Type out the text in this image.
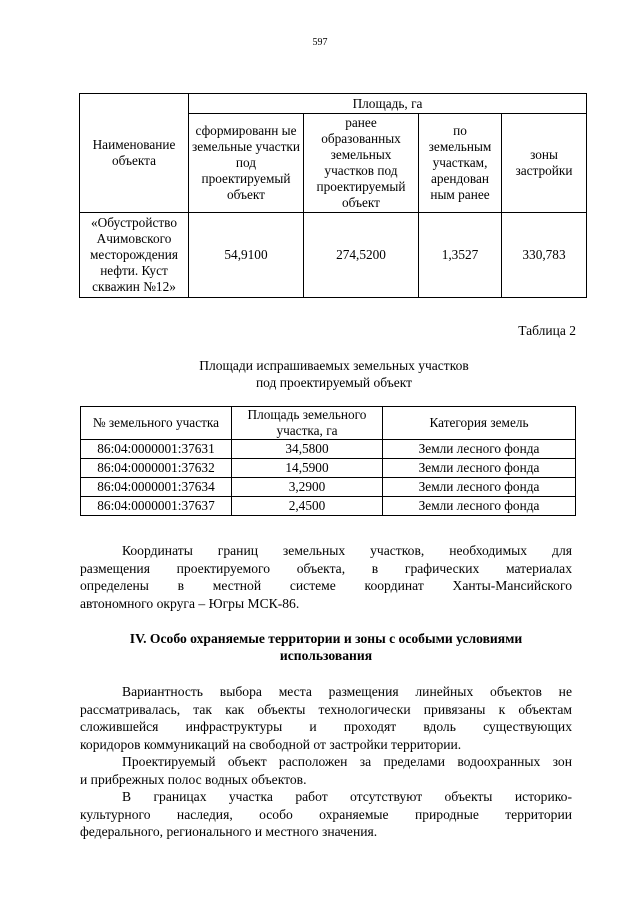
597
Наименование объекта	Площадь, га			
	сформированн ые земельные участки под проектируемый объект	ранее образованных земельных участков под проектируемый объект	по земельным участкам, арендован ным ранее	зоны застройки
«Обустройство Ачимовского месторождения нефти. Куст скважин №12»	54,9100	274,5200	1,3527	330,783
Таблица 2
Площади испрашиваемых земельных участков
под проектируемый объект
№ земельного участка	Площадь земельного участка, га	Категория земель
86:04:0000001:37631	34,5800	Земли лесного фонда
86:04:0000001:37632	14,5900	Земли лесного фонда
86:04:0000001:37634	3,2900	Земли лесного фонда
86:04:0000001:37637	2,4500	Земли лесного фонда
Координаты границ земельных участков, необходимых для
размещения проектируемого объекта, в графических материалах
определены в местной системе координат Ханты-Мансийского
автономного округа – Югры МСК-86.
IV. Особо охраняемые территории и зоны с особыми условиями
использования
Вариантность выбора места размещения линейных объектов не
рассматривалась, так как объекты технологически привязаны к объектам
сложившейся инфраструктуры и проходят вдоль существующих
коридоров коммуникаций на свободной от застройки территории.
Проектируемый объект расположен за пределами водоохранных зон
и прибрежных полос водных объектов.
В границах участка работ отсутствуют объекты историко-
культурного наследия, особо охраняемые природные территории
федерального, регионального и местного значения.
